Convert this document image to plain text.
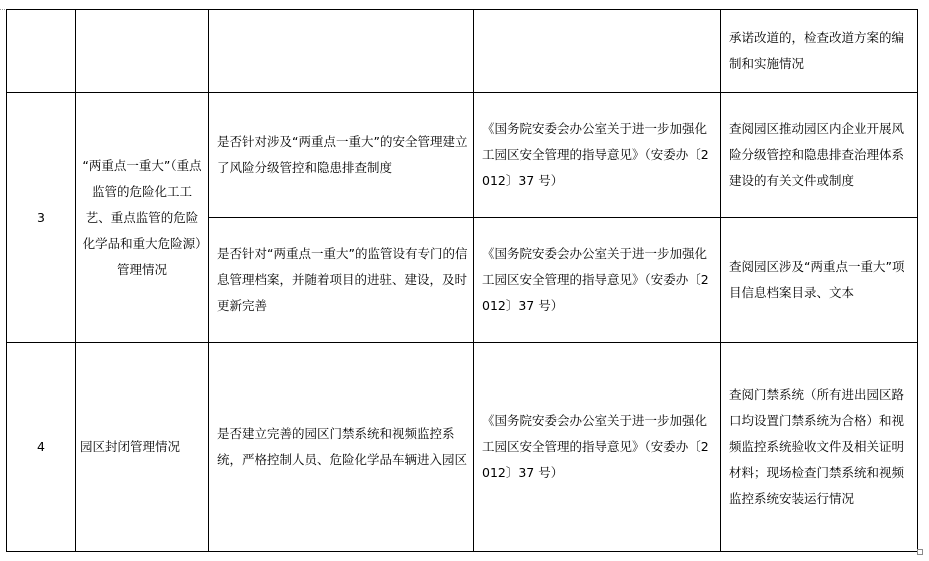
				承诺改道的，检查改道方案的编制和实施情况

3	“两重点一重大”（重点监管的危险化工工艺、重点监管的危险化学品和重大危险源）管理情况	是否针对涉及“两重点一重大”的安全管理建立了风险分级管控和隐患排查制度	《国务院安委会办公室关于进一步加强化工园区安全管理的指导意见》（安委办〔2012〕37 号）	查阅园区推动园区内企业开展风险分级管控和隐患排查治理体系建设的有关文件或制度

		是否针对“两重点一重大”的监管设有专门的信息管理档案，并随着项目的进驻、建设，及时更新完善	《国务院安委会办公室关于进一步加强化工园区安全管理的指导意见》（安委办〔2012〕37 号）	查阅园区涉及“两重点一重大”项目信息档案目录、文本

4	园区封闭管理情况	是否建立完善的园区门禁系统和视频监控系统，严格控制人员、危险化学品车辆进入园区	《国务院安委会办公室关于进一步加强化工园区安全管理的指导意见》（安委办〔2012〕37 号）	查阅门禁系统（所有进出园区路口均设置门禁系统为合格）和视频监控系统验收文件及相关证明材料；现场检查门禁系统和视频监控系统安装运行情况
